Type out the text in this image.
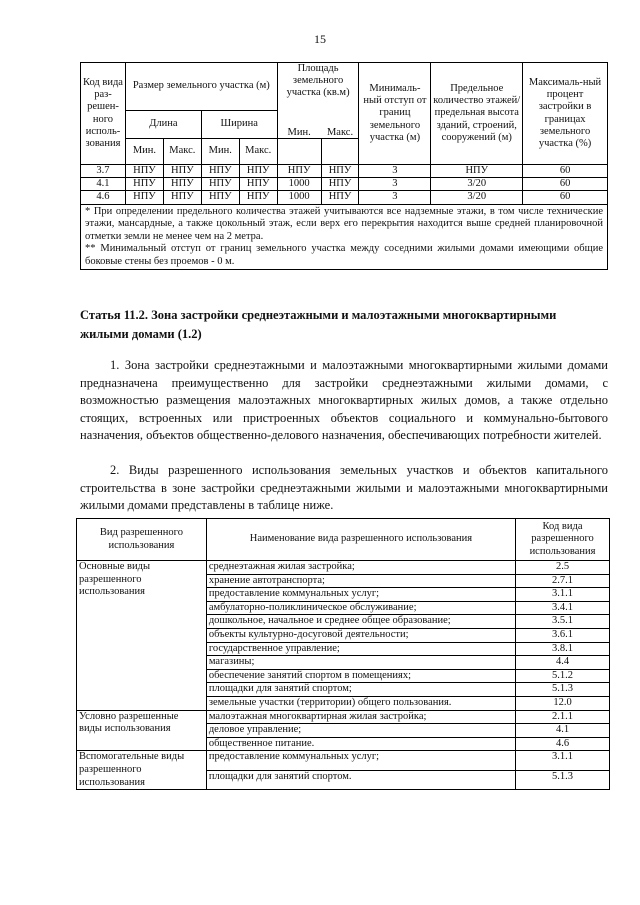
15
Код вида раз-решен-ного исполь-зования	Размер земельного участка (м)				Площадь земельного участка (кв.м)		Минималь-ный отступ от границ земельного участка (м)	Предельное количество этажей/ предельная высота зданий, строений, сооружений (м)	Максималь-ный процент застройки в границах земельного участка (%)
	Длина		Ширина						
	Мин.	Макс.	Мин.	Макс.	Мин.	Макс.			
3.7	НПУ	НПУ	НПУ	НПУ	НПУ	НПУ	3	НПУ	60
4.1	НПУ	НПУ	НПУ	НПУ	1000	НПУ	3	3/20	60
4.6	НПУ	НПУ	НПУ	НПУ	1000	НПУ	3	3/20	60

* При определении предельного количества этажей учитываются все надземные этажи, в том числе технические этажи, мансардные, а также цокольный этаж, если верх его перекрытия находится выше средней планировочной отметки земли не менее чем на 2 метра.
** Минимальный отступ от границ земельного участка между соседними жилыми домами имеющими общие боковые стены без проемов - 0 м.									
Статья 11.2. Зона застройки среднеэтажными и малоэтажными многоквартирными жилыми домами (1.2)

1. Зона застройки среднеэтажными и малоэтажными многоквартирными жилыми домами предназначена преимущественно для застройки среднеэтажными жилыми домами, с возможностью размещения малоэтажных многоквартирных жилых домов, а также отдельно стоящих, встроенных или пристроенных объектов социального и коммунально-бытового назначения, объектов общественно-делового назначения, обеспечивающих потребности жителей.

2. Виды разрешенного использования земельных участков и объектов капитального строительства в зоне застройки среднеэтажными жилыми и малоэтажными многоквартирными жилыми домами представлены в таблице ниже.

Вид разрешенного использования	Наименование вида разрешенного использования	Код вида разрешенного использования
Основные виды разрешенного использования	среднеэтажная жилая застройка;	2.5
	хранение автотранспорта;	2.7.1
	предоставление коммунальных услуг;	3.1.1
	амбулаторно-поликлиническое обслуживание;	3.4.1
	дошкольное, начальное и среднее общее образование;	3.5.1
	объекты культурно-досуговой деятельности;	3.6.1
	государственное управление;	3.8.1
	магазины;	4.4
	обеспечение занятий спортом в помещениях;	5.1.2
	площадки для занятий спортом;	5.1.3
	земельные участки (территории) общего пользования.	12.0
Условно разрешенные виды использования	малоэтажная многоквартирная жилая застройка;	2.1.1
	деловое управление;	4.1
	общественное питание.	4.6
Вспомогательные виды разрешенного использования	предоставление коммунальных услуг;	3.1.1
	площадки для занятий спортом.	5.1.3
